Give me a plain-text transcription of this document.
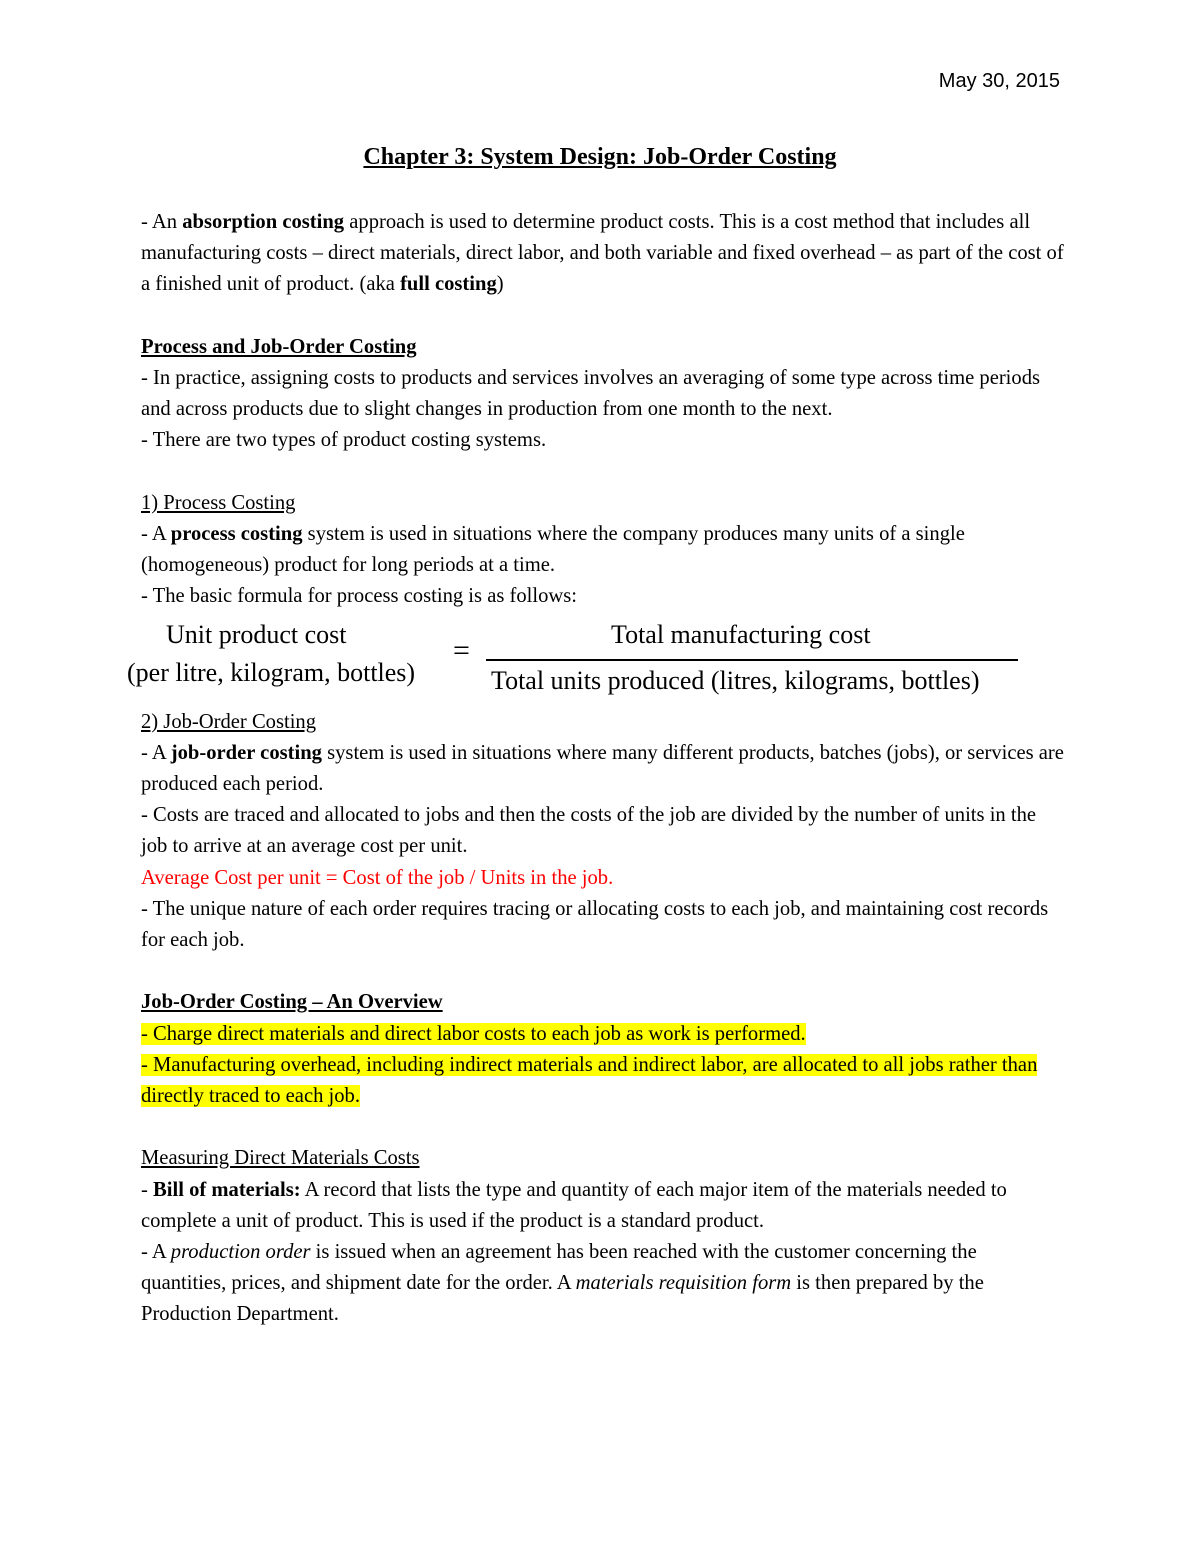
May 30, 2015
Chapter 3: System Design: Job-Order Costing

- An absorption costing approach is used to determine product costs. This is a cost method that includes all manufacturing costs – direct materials, direct labor, and both variable and fixed overhead – as part of the cost of a finished unit of product. (aka full costing)

Process and Job-Order Costing

- In practice, assigning costs to products and services involves an averaging of some type across time periods and across products due to slight changes in production from one month to the next.

- There are two types of product costing systems.

1) Process Costing

- A process costing system is used in situations where the company produces many units of a single (homogeneous) product for long periods at a time.

- The basic formula for process costing is as follows:

Unit product cost
(per litre, kilogram, bottles)
=	Total manufacturing cost
Total units produced (litres, kilograms, bottles)

2) Job-Order Costing

- A job-order costing system is used in situations where many different products, batches (jobs), or services are produced each period.

- Costs are traced and allocated to jobs and then the costs of the job are divided by the number of units in the job to arrive at an average cost per unit.

Average Cost per unit = Cost of the job / Units in the job.

- The unique nature of each order requires tracing or allocating costs to each job, and maintaining cost records for each job.

Job-Order Costing – An Overview

- Charge direct materials and direct labor costs to each job as work is performed.

- Manufacturing overhead, including indirect materials and indirect labor, are allocated to all jobs rather than directly traced to each job.

Measuring Direct Materials Costs

- Bill of materials: A record that lists the type and quantity of each major item of the materials needed to complete a unit of product. This is used if the product is a standard product.

- A production order is issued when an agreement has been reached with the customer concerning the quantities, prices, and shipment date for the order. A materials requisition form is then prepared by the Production Department.
